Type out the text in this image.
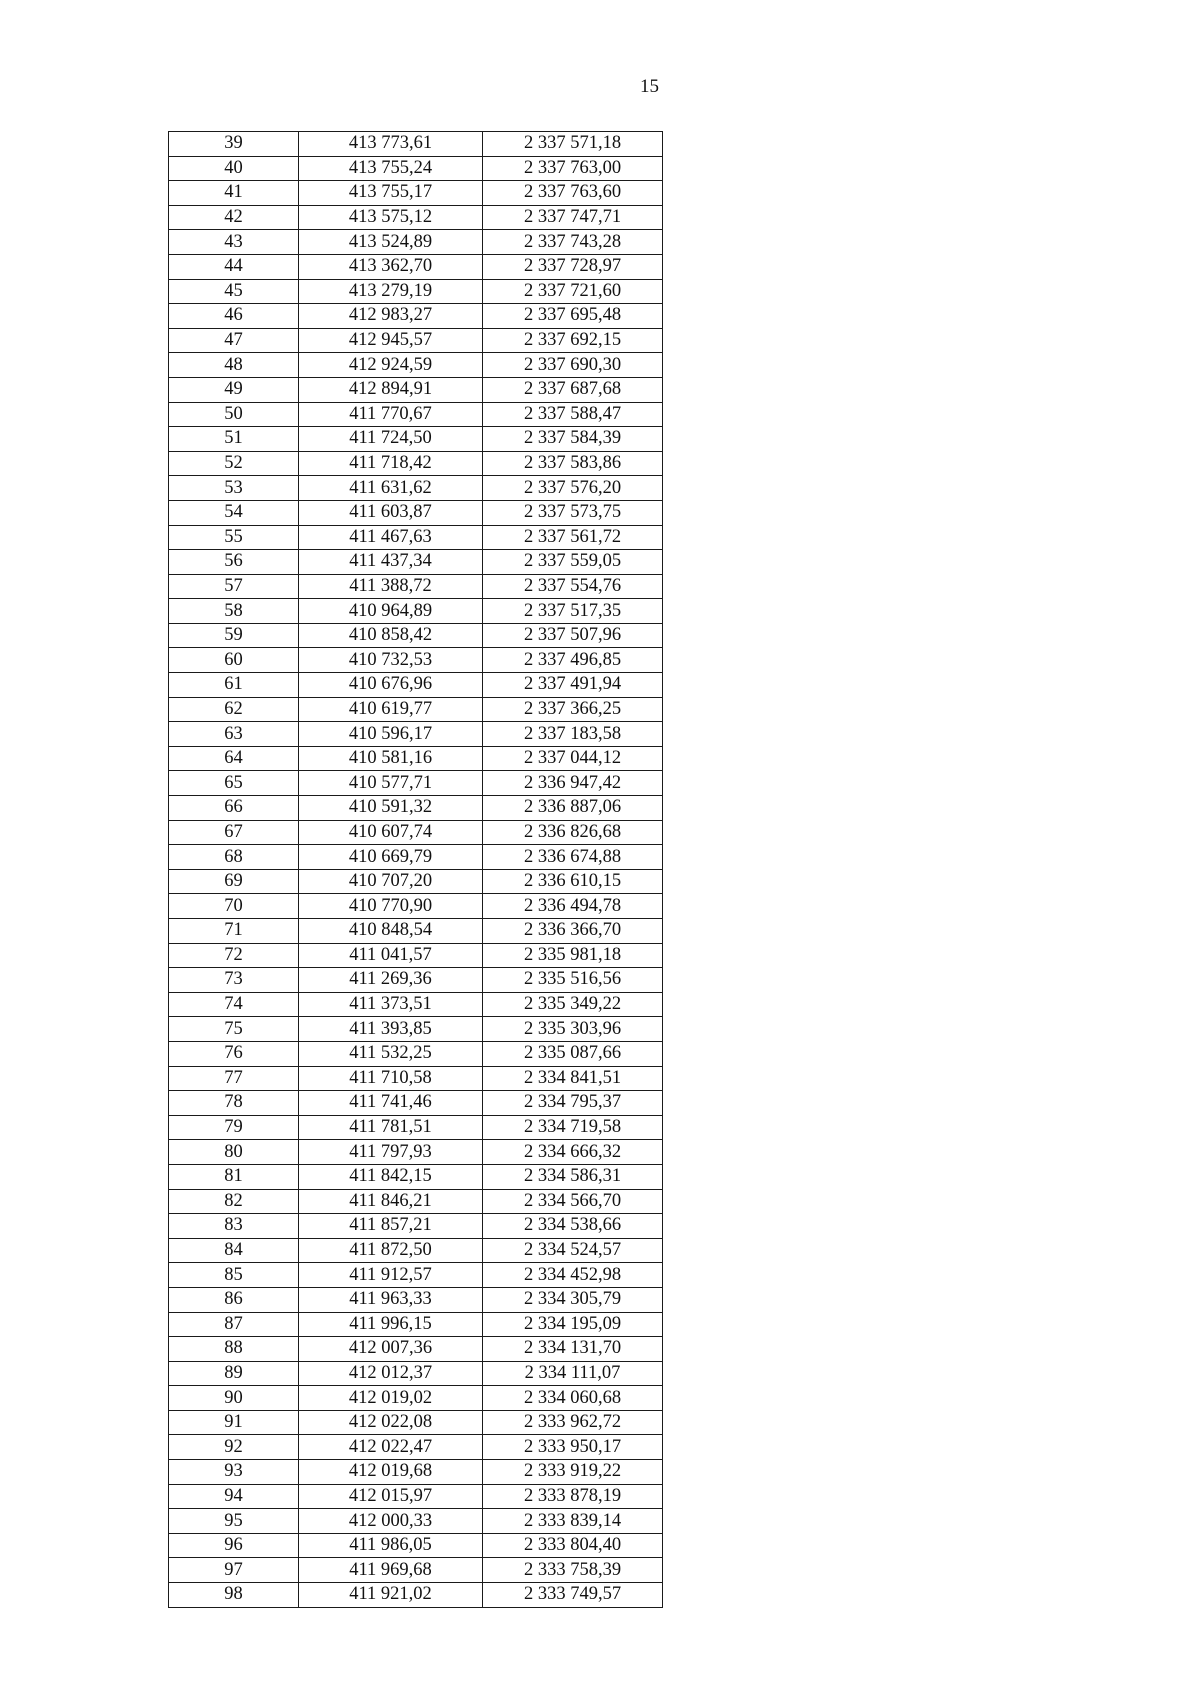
15
39	413 773,61	2 337 571,18
40	413 755,24	2 337 763,00
41	413 755,17	2 337 763,60
42	413 575,12	2 337 747,71
43	413 524,89	2 337 743,28
44	413 362,70	2 337 728,97
45	413 279,19	2 337 721,60
46	412 983,27	2 337 695,48
47	412 945,57	2 337 692,15
48	412 924,59	2 337 690,30
49	412 894,91	2 337 687,68
50	411 770,67	2 337 588,47
51	411 724,50	2 337 584,39
52	411 718,42	2 337 583,86
53	411 631,62	2 337 576,20
54	411 603,87	2 337 573,75
55	411 467,63	2 337 561,72
56	411 437,34	2 337 559,05
57	411 388,72	2 337 554,76
58	410 964,89	2 337 517,35
59	410 858,42	2 337 507,96
60	410 732,53	2 337 496,85
61	410 676,96	2 337 491,94
62	410 619,77	2 337 366,25
63	410 596,17	2 337 183,58
64	410 581,16	2 337 044,12
65	410 577,71	2 336 947,42
66	410 591,32	2 336 887,06
67	410 607,74	2 336 826,68
68	410 669,79	2 336 674,88
69	410 707,20	2 336 610,15
70	410 770,90	2 336 494,78
71	410 848,54	2 336 366,70
72	411 041,57	2 335 981,18
73	411 269,36	2 335 516,56
74	411 373,51	2 335 349,22
75	411 393,85	2 335 303,96
76	411 532,25	2 335 087,66
77	411 710,58	2 334 841,51
78	411 741,46	2 334 795,37
79	411 781,51	2 334 719,58
80	411 797,93	2 334 666,32
81	411 842,15	2 334 586,31
82	411 846,21	2 334 566,70
83	411 857,21	2 334 538,66
84	411 872,50	2 334 524,57
85	411 912,57	2 334 452,98
86	411 963,33	2 334 305,79
87	411 996,15	2 334 195,09
88	412 007,36	2 334 131,70
89	412 012,37	2 334 111,07
90	412 019,02	2 334 060,68
91	412 022,08	2 333 962,72
92	412 022,47	2 333 950,17
93	412 019,68	2 333 919,22
94	412 015,97	2 333 878,19
95	412 000,33	2 333 839,14
96	411 986,05	2 333 804,40
97	411 969,68	2 333 758,39
98	411 921,02	2 333 749,57
